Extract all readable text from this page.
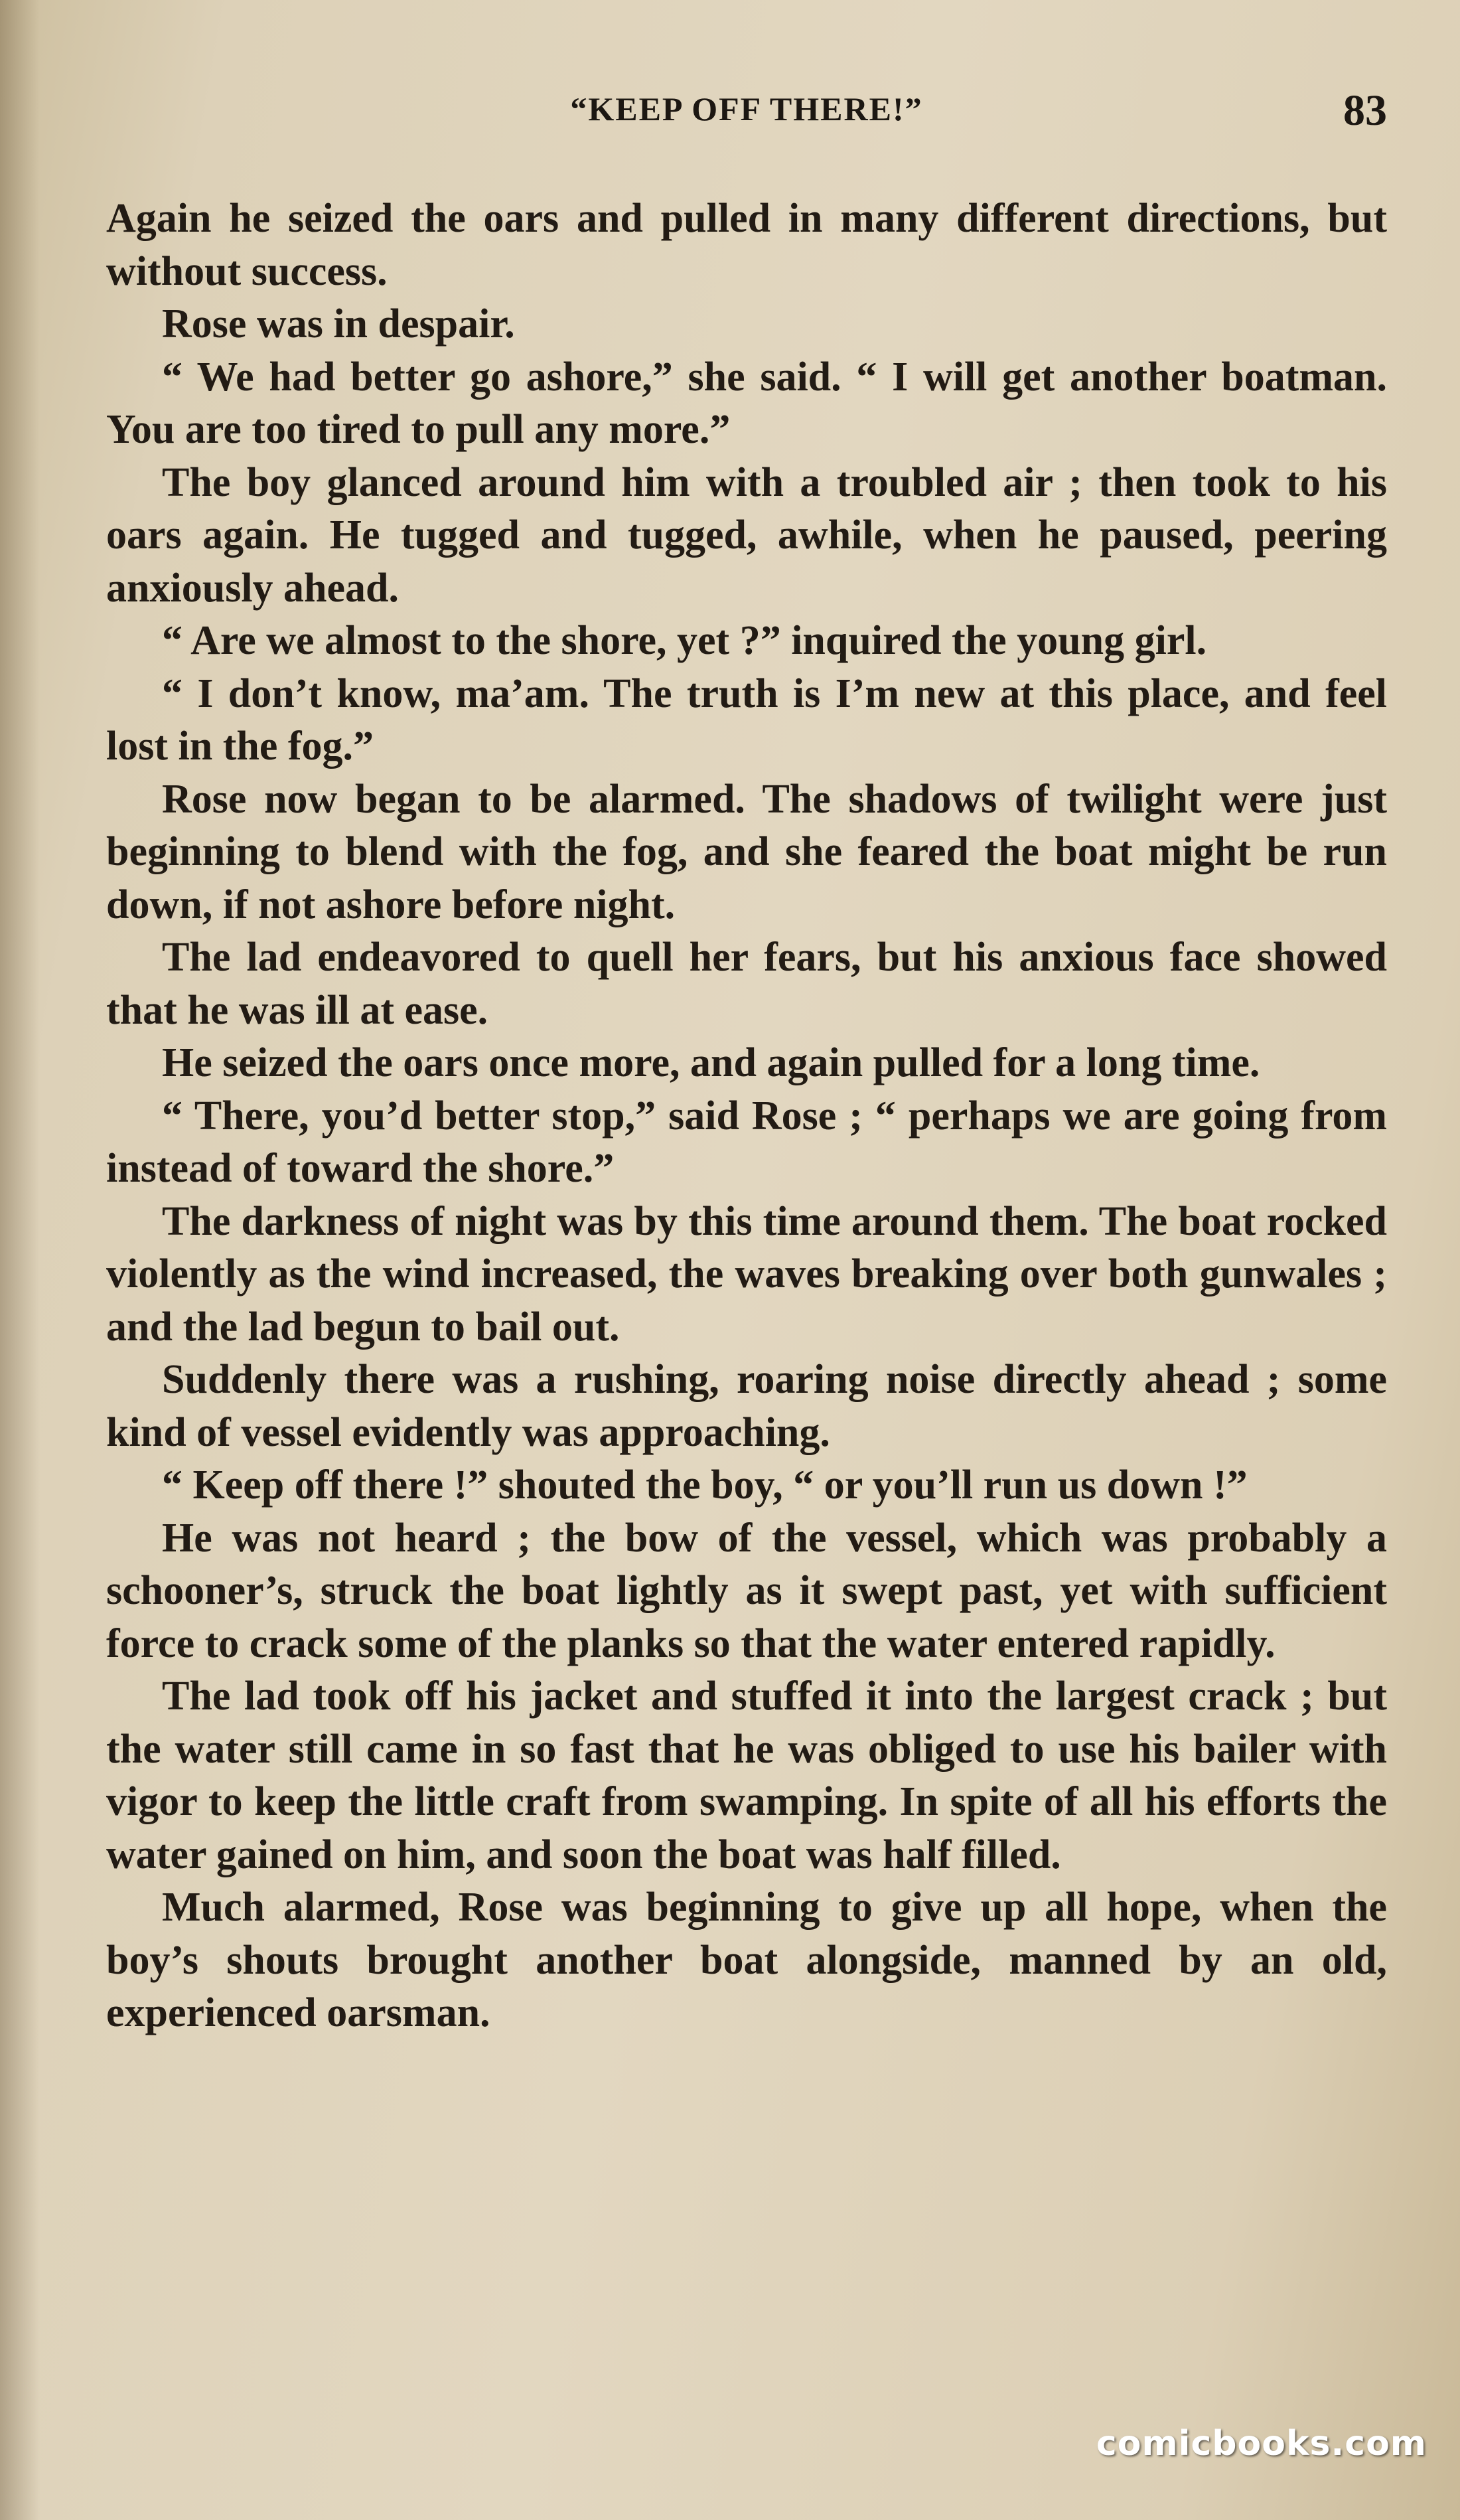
“KEEP OFF THERE!”	83

Again he seized the oars and pulled in many different directions, but without success.

Rose was in despair.

“ We had better go ashore,” she said. “ I will get another boatman. You are too tired to pull any more.”

The boy glanced around him with a troubled air ; then took to his oars again. He tugged and tugged, awhile, when he paused, peering anxiously ahead.

“ Are we almost to the shore, yet ?” inquired the young girl.

“ I don’t know, ma’am. The truth is I’m new at this place, and feel lost in the fog.”

Rose now began to be alarmed. The shadows of twilight were just beginning to blend with the fog, and she feared the boat might be run down, if not ashore before night.

The lad endeavored to quell her fears, but his anxious face showed that he was ill at ease.

He seized the oars once more, and again pulled for a long time.

“ There, you’d better stop,” said Rose ; “ perhaps we are going from instead of toward the shore.”

The darkness of night was by this time around them. The boat rocked violently as the wind increased, the waves breaking over both gunwales ; and the lad begun to bail out.

Suddenly there was a rushing, roaring noise directly ahead ; some kind of vessel evidently was approaching.

“ Keep off there !” shouted the boy, “ or you’ll run us down !”

He was not heard ; the bow of the vessel, which was probably a schooner’s, struck the boat lightly as it swept past, yet with sufficient force to crack some of the planks so that the water entered rapidly.

The lad took off his jacket and stuffed it into the largest crack ; but the water still came in so fast that he was obliged to use his bailer with vigor to keep the little craft from swamping. In spite of all his efforts the water gained on him, and soon the boat was half filled.

Much alarmed, Rose was beginning to give up all hope, when the boy’s shouts brought another boat alongside, manned by an old, experienced oarsman.

comicbooks.com
